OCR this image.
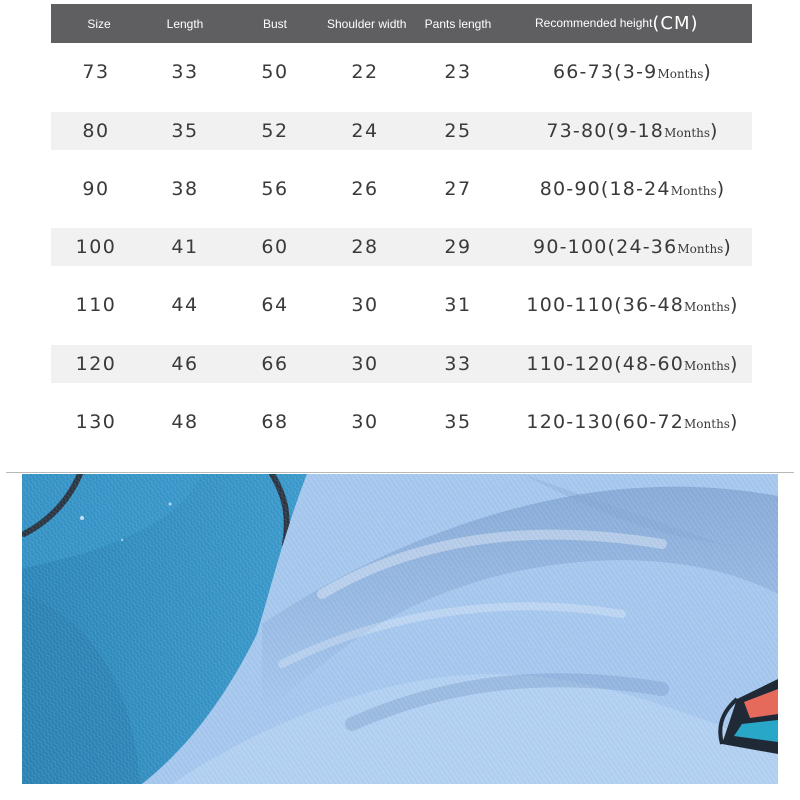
Size	Length	Bust	Shoulder width	Pants length	Recommended height(CM)
73	33	50	22	23	66-73(3-9Months)
80	35	52	24	25	73-80(9-18Months)
90	38	56	26	27	80-90(18-24Months)
100	41	60	28	29	90-100(24-36Months)
110	44	64	30	31	100-110(36-48Months)
120	46	66	30	33	110-120(48-60Months)
130	48	68	30	35	120-130(60-72Months)
